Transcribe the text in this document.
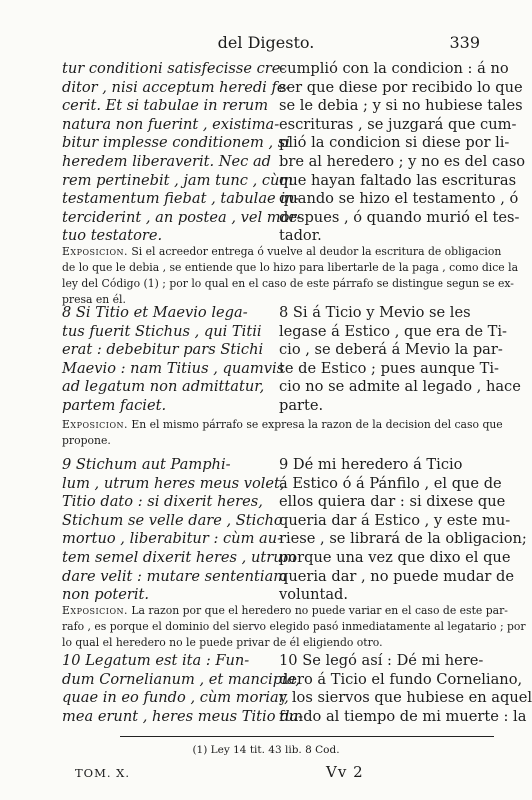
del Digesto.	339
tur conditioni satisfecisse cre-
ditor , nisi acceptum heredi fe-
cerit. Et si tabulae in rerum
natura non fuerint , existima-
bitur implesse conditionem , si
heredem liberaverit. Nec ad
rem pertinebit , jam tunc , cùm
testamentum fiebat , tabulae in-
terciderint , an postea , vel mor-
tuo testatore.
cumplió con la condicion : á no
ser que diese por recibido lo que
se le debia ; y si no hubiese tales
escrituras , se juzgará que cum-
plió la condicion si diese por li-
bre al heredero ; y no es del caso
que hayan faltado las escrituras
quando se hizo el testamento , ó
despues , ó quando murió el tes-
tador.
Exposicion. Si el acreedor entrega ó vuelve al deudor la escritura de obligacion
de lo que le debia , se entiende que lo hizo para libertarle de la paga , como dice la
ley del Código (1) ; por lo qual en el caso de este párrafo se distingue segun se ex-
presa en él.
8 Si Titio et Maevio lega-
tus fuerit Stichus , qui Titii
erat : debebitur pars Stichi
Maevio : nam Titius , quamvis
ad legatum non admittatur,
partem faciet.
8 Si á Ticio y Mevio se les
legase á Estico , que era de Ti-
cio , se deberá á Mevio la par-
te de Estico ; pues aunque Ti-
cio no se admite al legado , hace
parte.
Exposicion. En el mismo párrafo se expresa la razon de la decision del caso que
propone.
9 Stichum aut Pamphi-
lum , utrum heres meus volet,
Titio dato : si dixerit heres,
Stichum se velle dare , Sticho
mortuo , liberabitur : cùm au-
tem semel dixerit heres , utrum
dare velit : mutare sententiam
non poterit.
9 Dé mi heredero á Ticio
á Estico ó á Pánfilo , el que de
ellos quiera dar : si dixese que
queria dar á Estico , y este mu-
riese , se librará de la obligacion;
porque una vez que dixo el que
queria dar , no puede mudar de
voluntad.
Exposicion. La razon por que el heredero no puede variar en el caso de este par-
rafo , es porque el dominio del siervo elegido pasó inmediatamente al legatario ; por
lo qual el heredero no le puede privar de él eligiendo otro.
10 Legatum est ita : Fun-
dum Cornelianum , et mancipia,
quae in eo fundo , cùm moriar,
mea erunt , heres meus Titio da-
10 Se legó así : Dé mi here-
dero á Ticio el fundo Corneliano,
y los siervos que hubiese en aquel
fundo al tiempo de mi muerte : la
(1) Ley 14 tit. 43 lib. 8 Cod.
TOM. X.	Vv 2
